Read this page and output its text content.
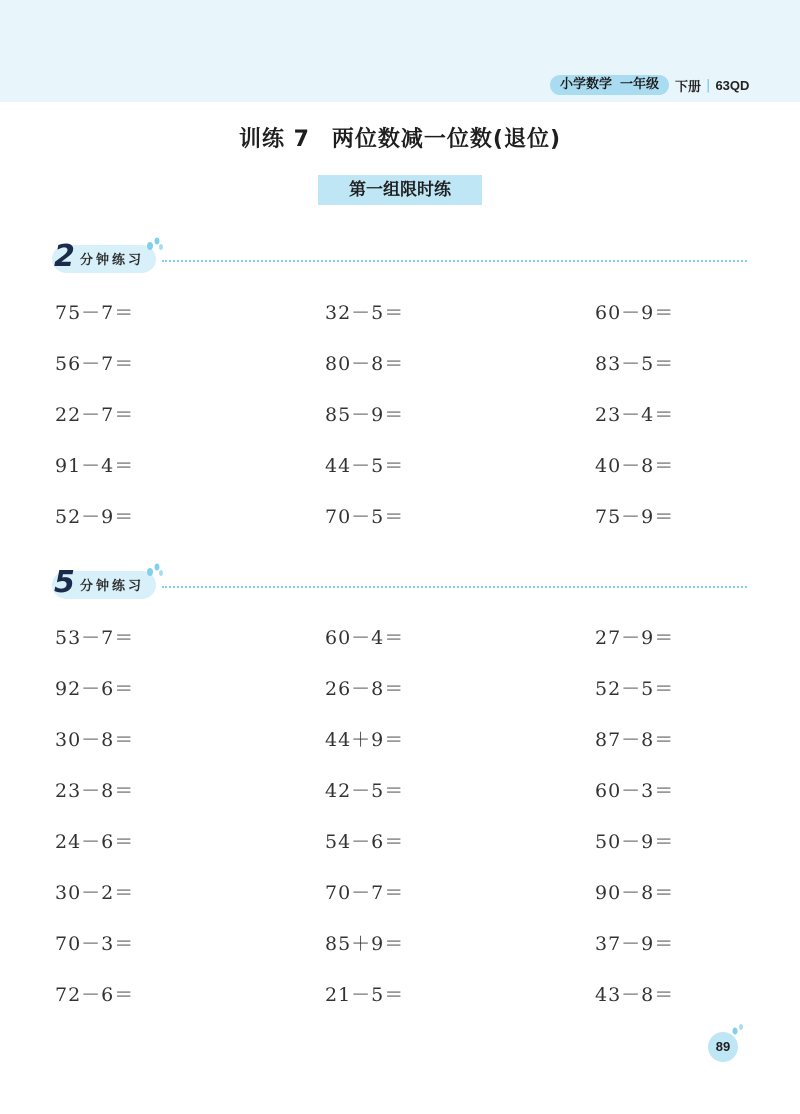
小学数学 一年级	下册 | 63QD
训练 7 两位数减一位数(退位)
第一组限时练
2 分钟练习
75－7＝	32－5＝	60－9＝
56－7＝	80－8＝	83－5＝
22－7＝	85－9＝	23－4＝
91－4＝	44－5＝	40－8＝
52－9＝	70－5＝	75－9＝
5 分钟练习
53－7＝	60－4＝	27－9＝
92－6＝	26－8＝	52－5＝
30－8＝	44＋9＝	87－8＝
23－8＝	42－5＝	60－3＝
24－6＝	54－6＝	50－9＝
30－2＝	70－7＝	90－8＝
70－3＝	85＋9＝	37－9＝
72－6＝	21－5＝	43－8＝
89
